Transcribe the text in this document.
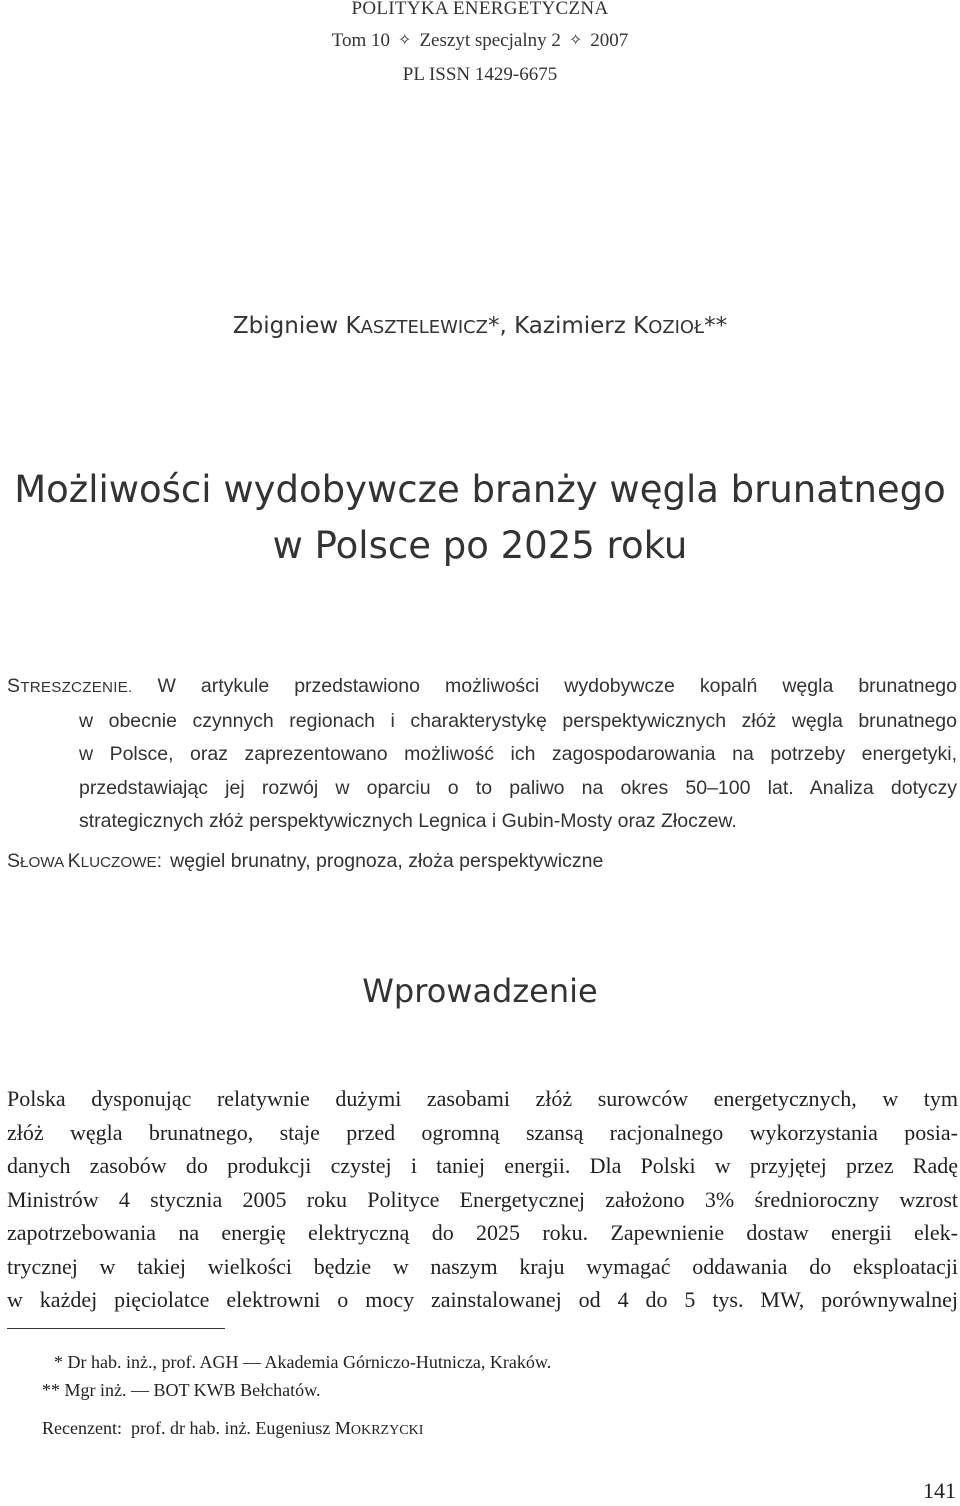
POLITYKA ENERGETYCZNA
Tom 10 ✧ Zeszyt specjalny 2 ✧ 2007
PL ISSN 1429-6675
Zbigniew KASZTELEWICZ*, Kazimierz KOZIOŁ**
Możliwości wydobywcze branży węgla brunatnego
w Polsce po 2025 roku
STRESZCZENIE. W artykule przedstawiono możliwości wydobywcze kopalń węgla brunatnego
w obecnie czynnych regionach i charakterystykę perspektywicznych złóż węgla brunatnego
w Polsce, oraz zaprezentowano możliwość ich zagospodarowania na potrzeby energetyki,
przedstawiając jej rozwój w oparciu o to paliwo na okres 50–100 lat. Analiza dotyczy
strategicznych złóż perspektywicznych Legnica i Gubin-Mosty oraz Złoczew.
SŁOWA KLUCZOWE: węgiel brunatny, prognoza, złoża perspektywiczne
Wprowadzenie
Polska dysponując relatywnie dużymi zasobami złóż surowców energetycznych, w tym
złóż węgla brunatnego, staje przed ogromną szansą racjonalnego wykorzystania posia-
danych zasobów do produkcji czystej i taniej energii. Dla Polski w przyjętej przez Radę
Ministrów 4 stycznia 2005 roku Polityce Energetycznej założono 3% średnioroczny wzrost
zapotrzebowania na energię elektryczną do 2025 roku. Zapewnienie dostaw energii elek-
trycznej w takiej wielkości będzie w naszym kraju wymagać oddawania do eksploatacji
w każdej pięciolatce elektrowni o mocy zainstalowanej od 4 do 5 tys. MW, porównywalnej
* Dr hab. inż., prof. AGH — Akademia Górniczo-Hutnicza, Kraków.
** Mgr inż. — BOT KWB Bełchatów.
Recenzent: prof. dr hab. inż. Eugeniusz MOKRZYCKI
141
